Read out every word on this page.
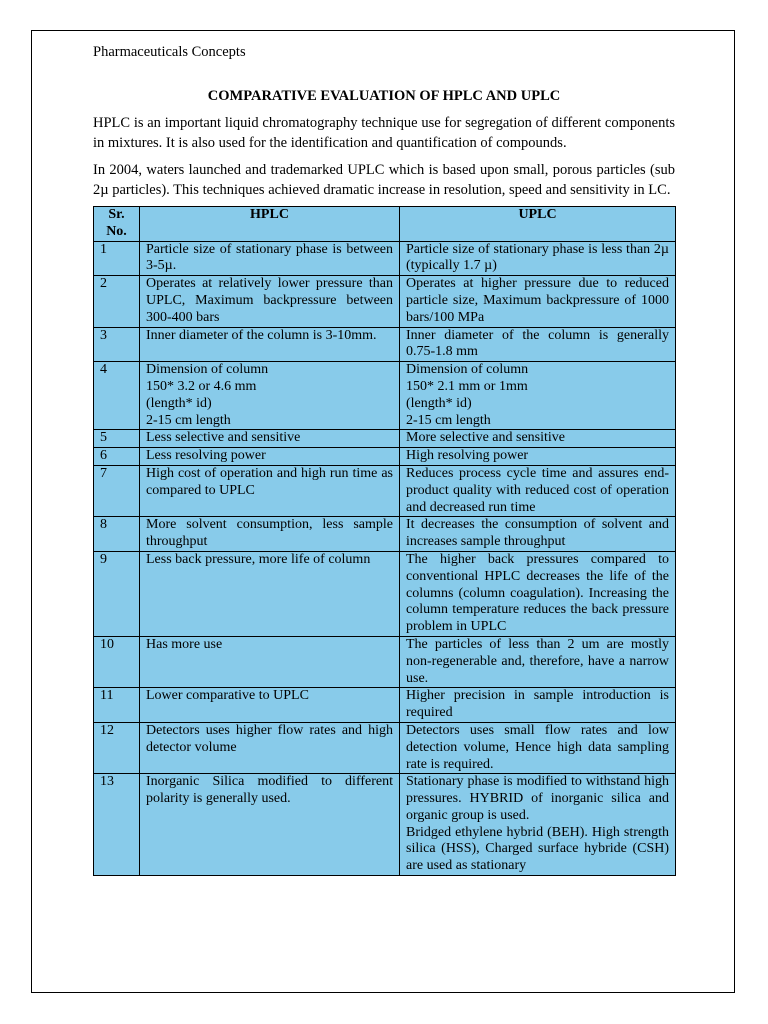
Pharmaceuticals Concepts

COMPARATIVE EVALUATION OF HPLC AND UPLC

HPLC is an important liquid chromatography technique use for segregation of different components in mixtures. It is also used for the identification and quantification of compounds.

In 2004, waters launched and trademarked UPLC which is based upon small, porous particles (sub 2µ particles). This techniques achieved dramatic increase in resolution, speed and sensitivity in LC.

Sr. No.	HPLC	UPLC
1	Particle size of stationary phase is between 3-5µ.	Particle size of stationary phase is less than 2µ (typically 1.7 µ)
2	Operates at relatively lower pressure than UPLC, Maximum backpressure between 300-400 bars	Operates at higher pressure due to reduced particle size, Maximum backpressure of 1000 bars/100 MPa
3	Inner diameter of the column is 3-10mm.	Inner diameter of the column is generally 0.75-1.8 mm
4	Dimension of column
150* 3.2 or 4.6 mm
(length* id)
2-15 cm length	Dimension of column
150* 2.1 mm or 1mm
(length* id)
2-15 cm length

5	Less selective and sensitive	More selective and sensitive
6	Less resolving power	High resolving power
7	High cost of operation and high run time as compared to UPLC	Reduces process cycle time and assures end-product quality with reduced cost of operation and decreased run time
8	More solvent consumption, less sample throughput	It decreases the consumption of solvent and increases sample throughput
9	Less back pressure, more life of column	The higher back pressures compared to conventional HPLC decreases the life of the columns (column coagulation). Increasing the column temperature reduces the back pressure problem in UPLC
10	Has more use	The particles of less than 2 um are mostly non-regenerable and, therefore, have a narrow use.
11	Lower comparative to UPLC	Higher precision in sample introduction is required
12	Detectors uses higher flow rates and high detector volume	Detectors uses small flow rates and low detection volume, Hence high data sampling rate is required.
13	Inorganic Silica modified to different polarity is generally used.	Stationary phase is modified to withstand high pressures. HYBRID of inorganic silica and organic group is used.
Bridged ethylene hybrid (BEH). High strength silica (HSS), Charged surface hybride (CSH) are used as stationary
